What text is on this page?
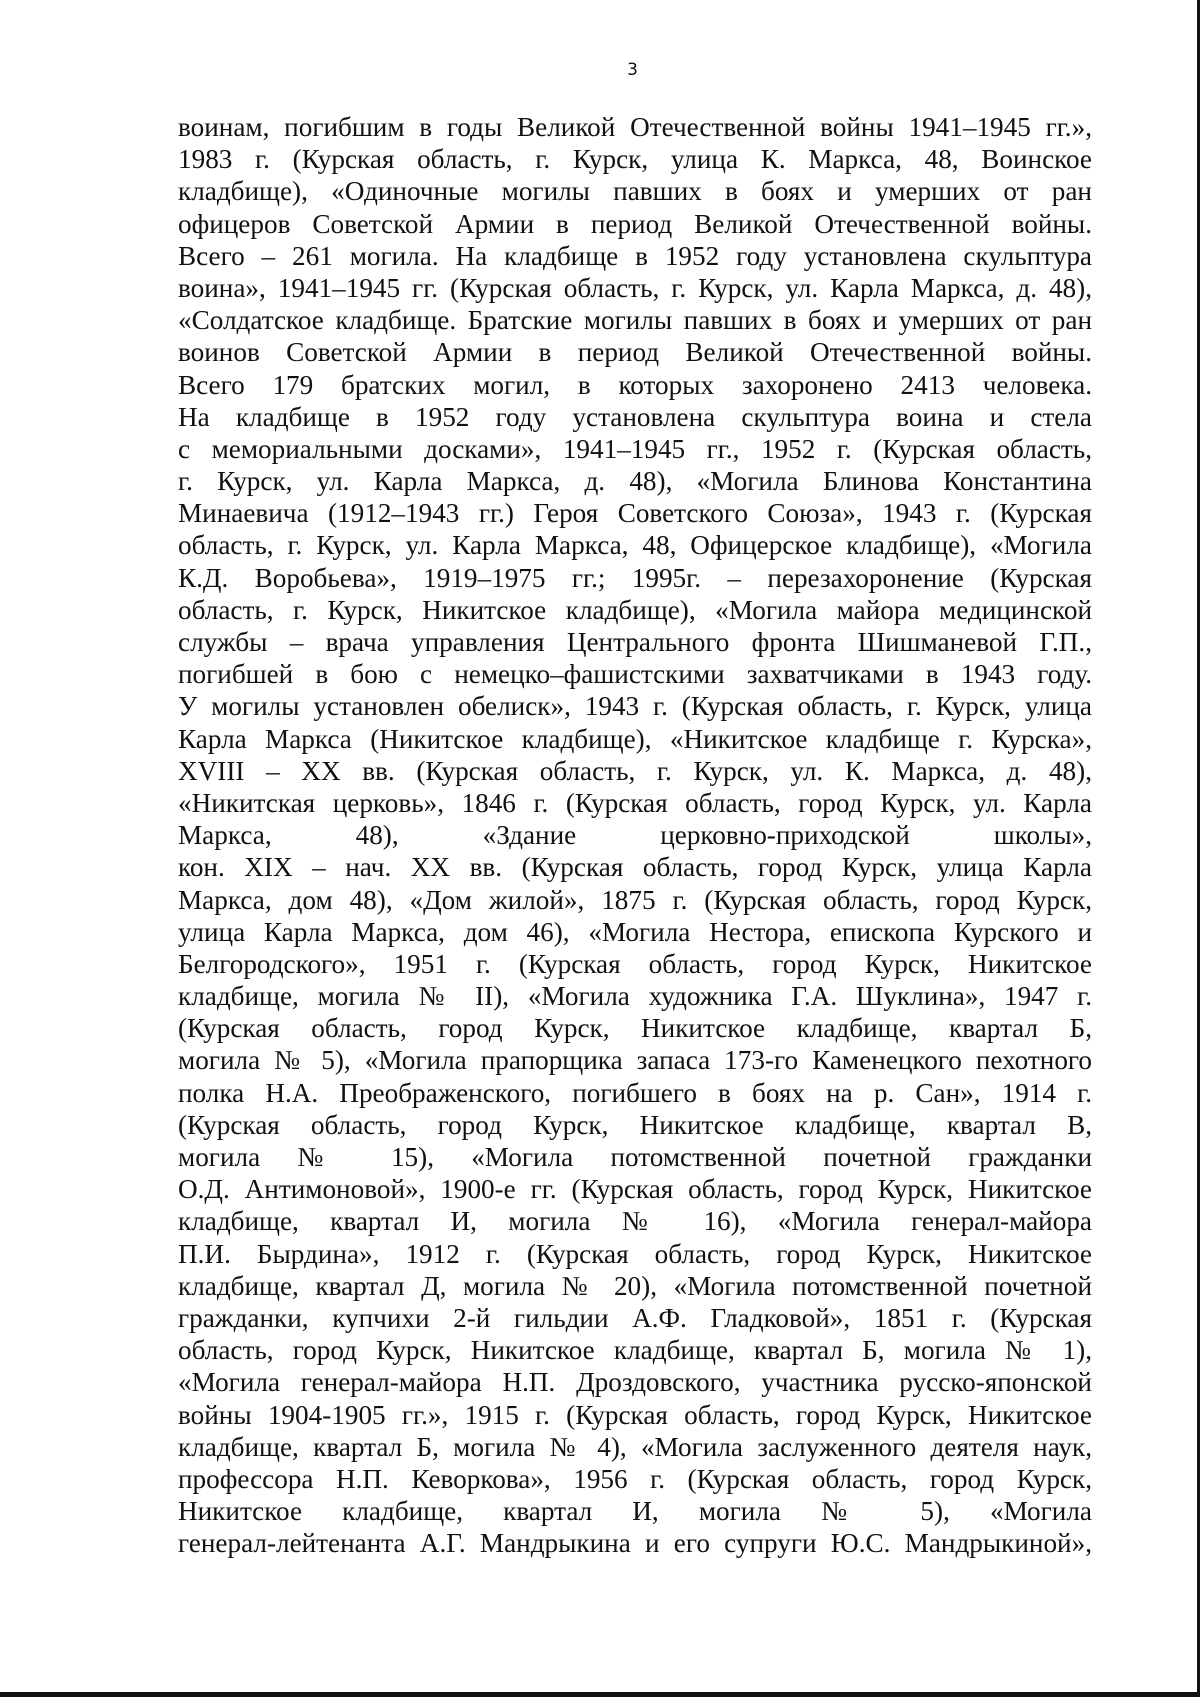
3
воинам, погибшим в годы Великой Отечественной войны 1941–1945 гг.»,
1983 г. (Курская область, г. Курск, улица К. Маркса, 48, Воинское
кладбище), «Одиночные могилы павших в боях и умерших от ран
офицеров Советской Армии в период Великой Отечественной войны.
Всего – 261 могила. На кладбище в 1952 году установлена скульптура
воина», 1941–1945 гг. (Курская область, г. Курск, ул. Карла Маркса, д. 48),
«Солдатское кладбище. Братские могилы павших в боях и умерших от ран
воинов Советской Армии в период Великой Отечественной войны.
Всего 179 братских могил, в которых захоронено 2413 человека.
На кладбище в 1952 году установлена скульптура воина и стела
с мемориальными досками», 1941–1945 гг., 1952 г. (Курская область,
г. Курск, ул. Карла Маркса, д. 48), «Могила Блинова Константина
Минаевича (1912–1943 гг.) Героя Советского Союза», 1943 г. (Курская
область, г. Курск, ул. Карла Маркса, 48, Офицерское кладбище), «Могила
К.Д. Воробьева», 1919–1975 гг.; 1995г. – перезахоронение (Курская
область, г. Курск, Никитское кладбище), «Могила майора медицинской
службы – врача управления Центрального фронта Шишманевой Г.П.,
погибшей в бою с немецко–фашистскими захватчиками в 1943 году.
У могилы установлен обелиск», 1943 г. (Курская область, г. Курск, улица
Карла Маркса (Никитское кладбище), «Никитское кладбище г. Курска»,
XVIII – XX вв. (Курская область, г. Курск, ул. К. Маркса, д. 48),
«Никитская церковь», 1846 г. (Курская область, город Курск, ул. Карла
Маркса, 48), «Здание церковно-приходской школы»,
кон. XIX – нач. XX вв. (Курская область, город Курск, улица Карла
Маркса, дом 48), «Дом жилой», 1875 г. (Курская область, город Курск,
улица Карла Маркса, дом 46), «Могила Нестора, епископа Курского и
Белгородского», 1951 г. (Курская область, город Курск, Никитское
кладбище, могила № II), «Могила художника Г.А. Шуклина», 1947 г.
(Курская область, город Курск, Никитское кладбище, квартал Б,
могила № 5), «Могила прапорщика запаса 173-го Каменецкого пехотного
полка Н.А. Преображенского, погибшего в боях на р. Сан», 1914 г.
(Курская область, город Курск, Никитское кладбище, квартал В,
могила № 15), «Могила потомственной почетной гражданки
О.Д. Антимоновой», 1900-е гг. (Курская область, город Курск, Никитское
кладбище, квартал И, могила № 16), «Могила генерал-майора
П.И. Бырдина», 1912 г. (Курская область, город Курск, Никитское
кладбище, квартал Д, могила № 20), «Могила потомственной почетной
гражданки, купчихи 2-й гильдии А.Ф. Гладковой», 1851 г. (Курская
область, город Курск, Никитское кладбище, квартал Б, могила № 1),
«Могила генерал-майора Н.П. Дроздовского, участника русско-японской
войны 1904-1905 гг.», 1915 г. (Курская область, город Курск, Никитское
кладбище, квартал Б, могила № 4), «Могила заслуженного деятеля наук,
профессора Н.П. Кеворкова», 1956 г. (Курская область, город Курск,
Никитское кладбище, квартал И, могила № 5), «Могила
генерал-лейтенанта А.Г. Мандрыкина и его супруги Ю.С. Мандрыкиной»,
